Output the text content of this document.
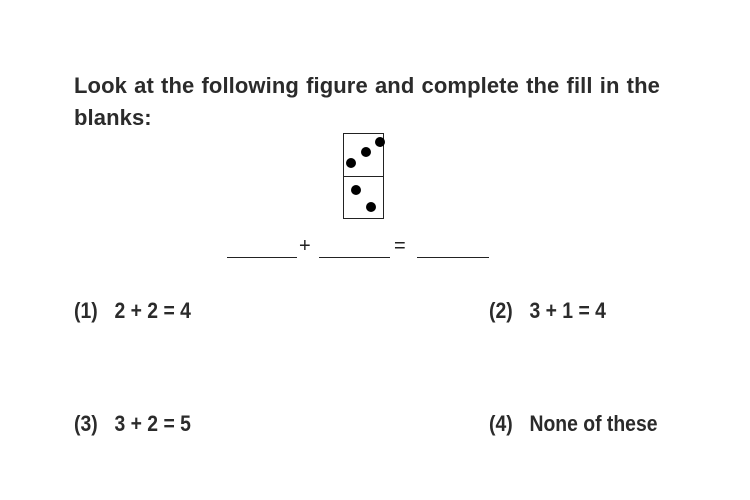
Look at the following figure and complete the fill in the blanks:
+	=
(1) 2 + 2 = 4	(2) 3 + 1 = 4
(3) 3 + 2 = 5	(4) None of these
